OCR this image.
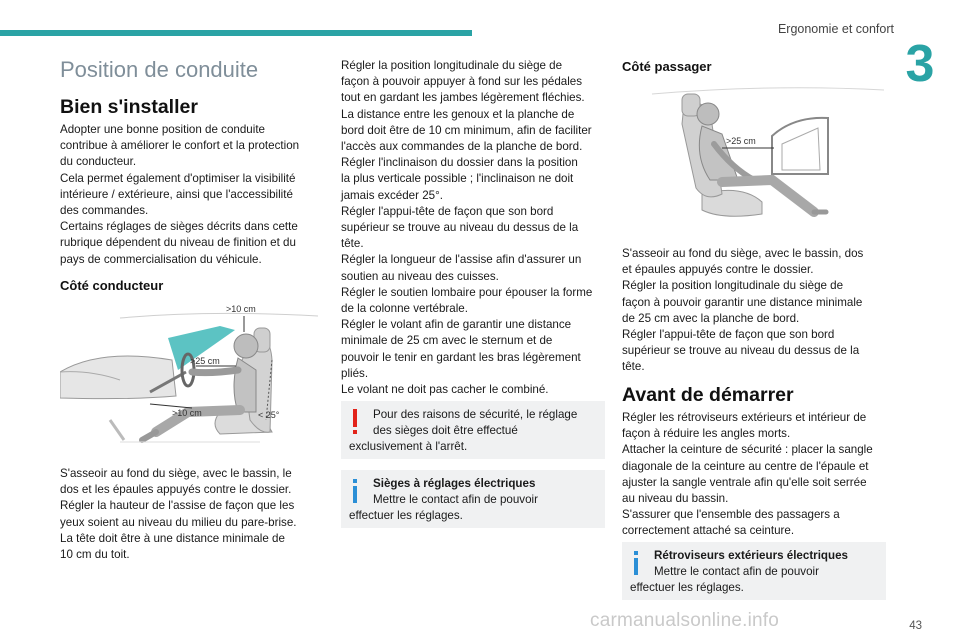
Ergonomie et confort
3
Position de conduite
Bien s'installer
Adopter une bonne position de conduite
contribue à améliorer le confort et la protection
du conducteur.
Cela permet également d'optimiser la visibilité
intérieure / extérieure, ainsi que l'accessibilité
des commandes.
Certains réglages de sièges décrits dans cette
rubrique dépendent du niveau de finition et du
pays de commercialisation du véhicule.
Côté conducteur
>10 cm
>25 cm
>10 cm	< 25°
S'asseoir au fond du siège, avec le bassin, le
dos et les épaules appuyés contre le dossier.
Régler la hauteur de l'assise de façon que les
yeux soient au niveau du milieu du pare-brise.
La tête doit être à une distance minimale de
10 cm du toit.
Régler la position longitudinale du siège de
façon à pouvoir appuyer à fond sur les pédales
tout en gardant les jambes légèrement fléchies.
La distance entre les genoux et la planche de
bord doit être de 10 cm minimum, afin de faciliter
l'accès aux commandes de la planche de bord.
Régler l'inclinaison du dossier dans la position
la plus verticale possible ; l'inclinaison ne doit
jamais excéder 25°.
Régler l'appui-tête de façon que son bord
supérieur se trouve au niveau du dessus de la
tête.
Régler la longueur de l'assise afin d'assurer un
soutien au niveau des cuisses.
Régler le soutien lombaire pour épouser la forme
de la colonne vertébrale.
Régler le volant afin de garantir une distance
minimale de 25 cm avec le sternum et de
pouvoir le tenir en gardant les bras légèrement
pliés.
Le volant ne doit pas cacher le combiné.
Pour des raisons de sécurité, le réglage
des sièges doit être effectué
exclusivement à l'arrêt.
Sièges à réglages électriques
Mettre le contact afin de pouvoir
effectuer les réglages.
Côté passager
>25 cm
S'asseoir au fond du siège, avec le bassin, dos
et épaules appuyés contre le dossier.
Régler la position longitudinale du siège de
façon à pouvoir garantir une distance minimale
de 25 cm avec la planche de bord.
Régler l'appui-tête de façon que son bord
supérieur se trouve au niveau du dessus de la
tête.
Avant de démarrer
Régler les rétroviseurs extérieurs et intérieur de
façon à réduire les angles morts.
Attacher la ceinture de sécurité : placer la sangle
diagonale de la ceinture au centre de l'épaule et
ajuster la sangle ventrale afin qu'elle soit serrée
au niveau du bassin.
S'assurer que l'ensemble des passagers a
correctement attaché sa ceinture.
Rétroviseurs extérieurs électriques
Mettre le contact afin de pouvoir
effectuer les réglages.
carmanualsonline.info	43
